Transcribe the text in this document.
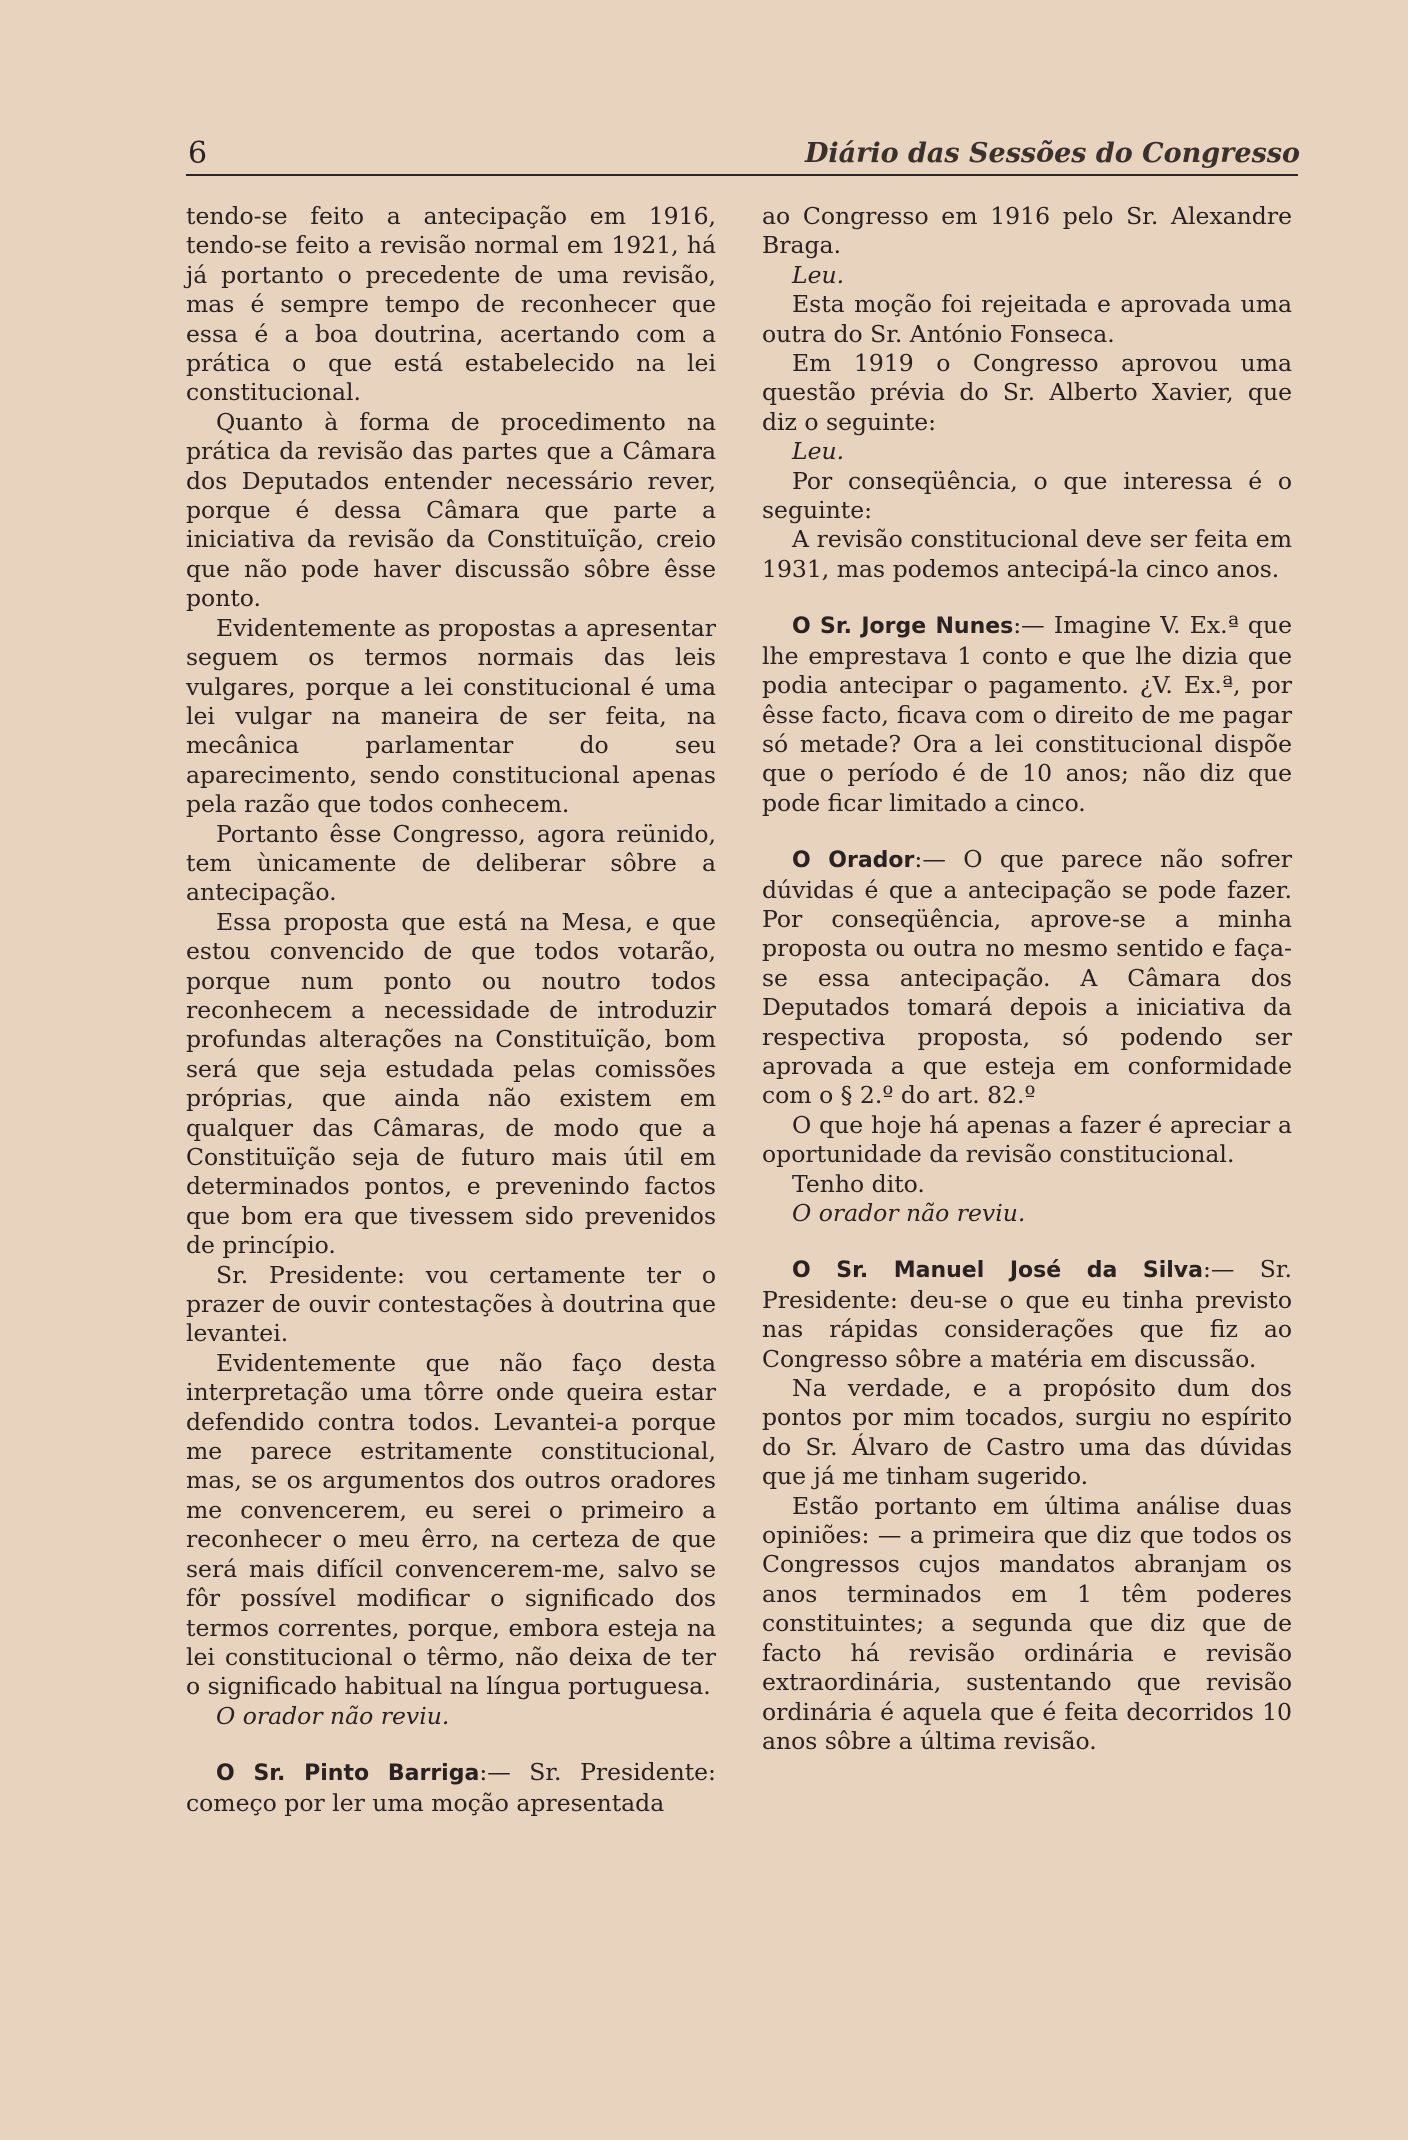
6	Diário das Sessões do Congresso

tendo-se feito a antecipação em 1916, tendo-se feito a revisão normal em 1921, há já portanto o precedente de uma revisão, mas é sempre tempo de reconhecer que essa é a boa doutrina, acertando com a prática o que está estabelecido na lei constitucional.

Quanto à forma de procedimento na prática da revisão das partes que a Câmara dos Deputados entender necessário rever, porque é dessa Câmara que parte a iniciativa da revisão da Constituïção, creio que não pode haver discussão sôbre êsse ponto.

Evidentemente as propostas a apresentar seguem os termos normais das leis vulgares, porque a lei constitucional é uma lei vulgar na maneira de ser feita, na mecânica parlamentar do seu aparecimento, sendo constitucional apenas pela razão que todos conhecem.

Portanto êsse Congresso, agora reünido, tem ùnicamente de deliberar sôbre a antecipação.

Essa proposta que está na Mesa, e que estou convencido de que todos votarão, porque num ponto ou noutro todos reconhecem a necessidade de introduzir profundas alterações na Constituïção, bom será que seja estudada pelas comissões próprias, que ainda não existem em qualquer das Câmaras, de modo que a Constituïção seja de futuro mais útil em determinados pontos, e prevenindo factos que bom era que tivessem sido prevenidos de princípio.

Sr. Presidente: vou certamente ter o prazer de ouvir contestações à doutrina que levantei.

Evidentemente que não faço desta interpretação uma tôrre onde queira estar defendido contra todos. Levantei-a porque me parece estritamente constitucional, mas, se os argumentos dos outros oradores me convencerem, eu serei o primeiro a reconhecer o meu êrro, na certeza de que será mais difícil convencerem-me, salvo se fôr possível modificar o significado dos termos correntes, porque, embora esteja na lei constitucional o têrmo, não deixa de ter o significado habitual na língua portuguesa.

O orador não reviu.

O Sr. Pinto Barriga:— Sr. Presidente: começo por ler uma moção apresentada

ao Congresso em 1916 pelo Sr. Alexandre Braga.

Leu.

Esta moção foi rejeitada e aprovada uma outra do Sr. António Fonseca.

Em 1919 o Congresso aprovou uma questão prévia do Sr. Alberto Xavier, que diz o seguinte:

Leu.

Por conseqüência, o que interessa é o seguinte:

A revisão constitucional deve ser feita em 1931, mas podemos antecipá-la cinco anos.

O Sr. Jorge Nunes:— Imagine V. Ex.ª que lhe emprestava 1 conto e que lhe dizia que podia antecipar o pagamento. ¿V. Ex.ª, por êsse facto, ficava com o direito de me pagar só metade? Ora a lei constitucional dispõe que o período é de 10 anos; não diz que pode ficar limitado a cinco.

O Orador:— O que parece não sofrer dúvidas é que a antecipação se pode fazer. Por conseqüência, aprove-se a minha proposta ou outra no mesmo sentido e faça-se essa antecipação. A Câmara dos Deputados tomará depois a iniciativa da respectiva proposta, só podendo ser aprovada a que esteja em conformidade com o § 2.º do art. 82.º

O que hoje há apenas a fazer é apreciar a oportunidade da revisão constitucional.

Tenho dito.

O orador não reviu.

O Sr. Manuel José da Silva:— Sr. Presidente: deu-se o que eu tinha previsto nas rápidas considerações que fiz ao Congresso sôbre a matéria em discussão.

Na verdade, e a propósito dum dos pontos por mim tocados, surgiu no espírito do Sr. Álvaro de Castro uma das dúvidas que já me tinham sugerido.

Estão portanto em última análise duas opiniões: — a primeira que diz que todos os Congressos cujos mandatos abranjam os anos terminados em 1 têm poderes constituintes; a segunda que diz que de facto há revisão ordinária e revisão extraordinária, sustentando que revisão ordinária é aquela que é feita decorridos 10 anos sôbre a última revisão.
